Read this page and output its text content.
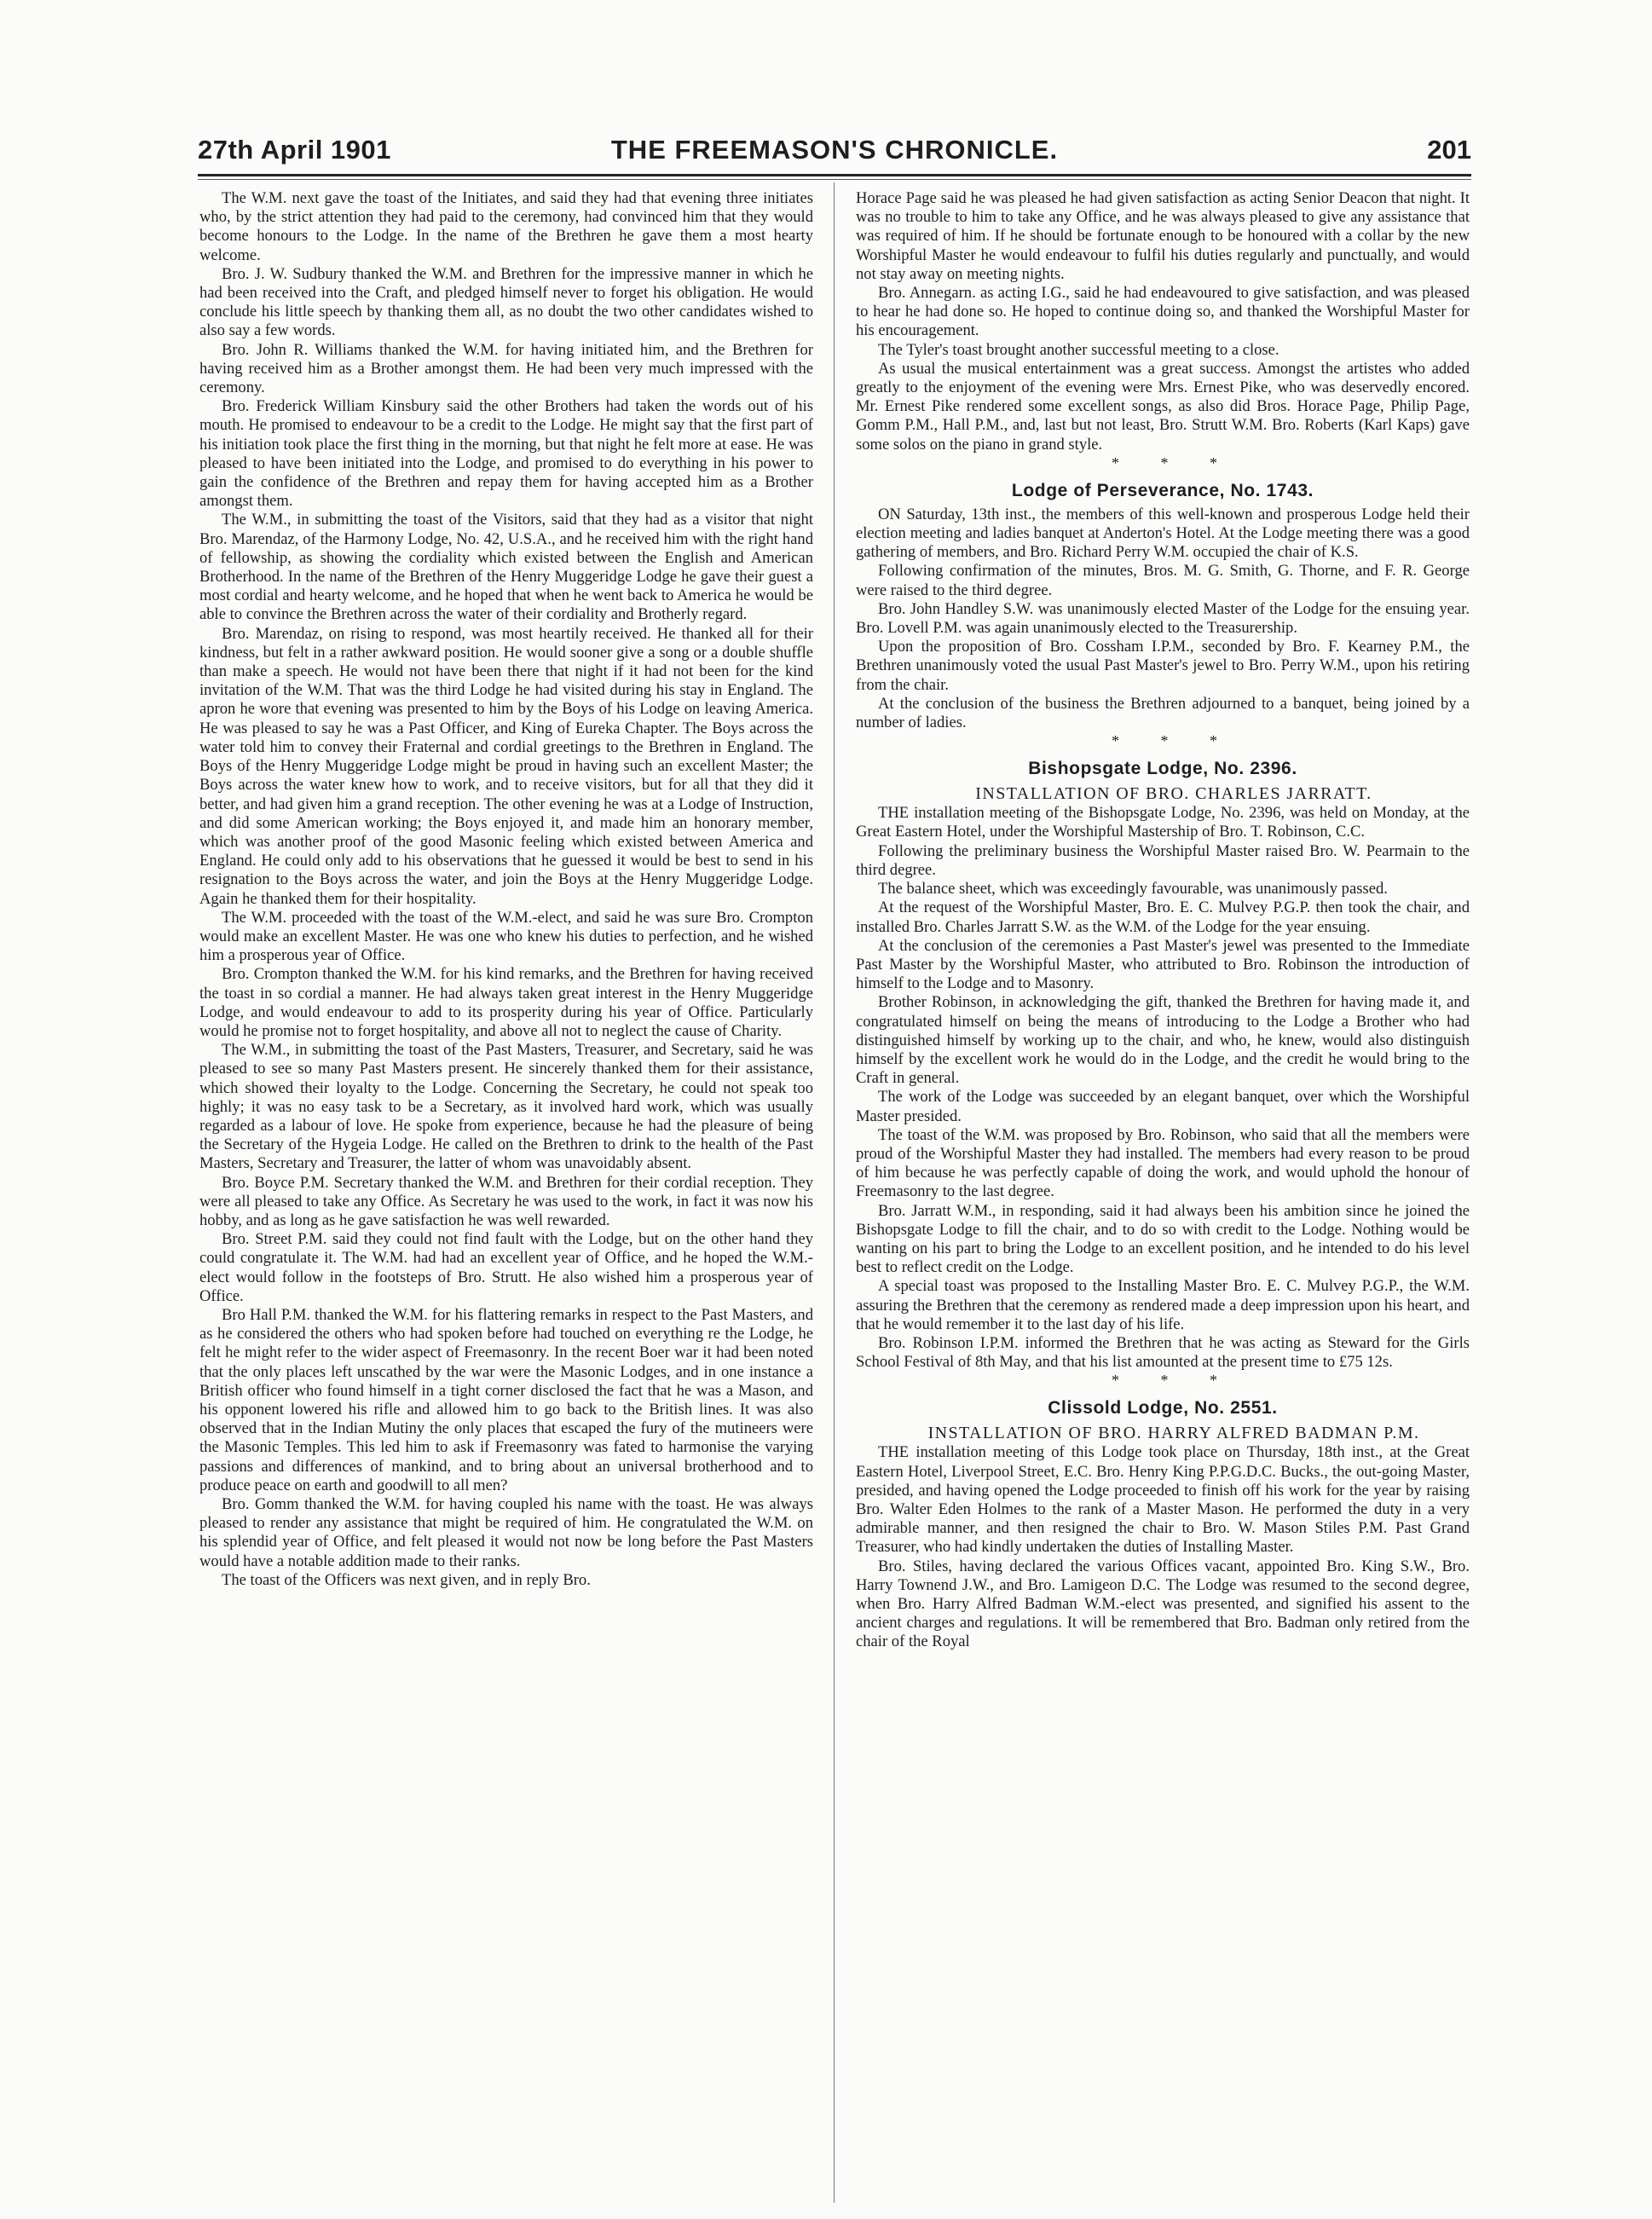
27th April 1901	THE FREEMASON'S CHRONICLE.	201

The W.M. next gave the toast of the Initiates, and said they had that evening three initiates who, by the strict attention they had paid to the ceremony, had convinced him that they would become honours to the Lodge. In the name of the Brethren he gave them a most hearty welcome.

Bro. J. W. Sudbury thanked the W.M. and Brethren for the impressive manner in which he had been received into the Craft, and pledged himself never to forget his obligation. He would conclude his little speech by thanking them all, as no doubt the two other candidates wished to also say a few words.

Bro. John R. Williams thanked the W.M. for having initiated him, and the Brethren for having received him as a Brother amongst them. He had been very much impressed with the ceremony.

Bro. Frederick William Kinsbury said the other Brothers had taken the words out of his mouth. He promised to endeavour to be a credit to the Lodge. He might say that the first part of his initiation took place the first thing in the morning, but that night he felt more at ease. He was pleased to have been initiated into the Lodge, and promised to do everything in his power to gain the confidence of the Brethren and repay them for having accepted him as a Brother amongst them.

The W.M., in submitting the toast of the Visitors, said that they had as a visitor that night Bro. Marendaz, of the Harmony Lodge, No. 42, U.S.A., and he received him with the right hand of fellowship, as showing the cordiality which existed between the English and American Brotherhood. In the name of the Brethren of the Henry Muggeridge Lodge he gave their guest a most cordial and hearty welcome, and he hoped that when he went back to America he would be able to convince the Brethren across the water of their cordiality and Brotherly regard.

Bro. Marendaz, on rising to respond, was most heartily received. He thanked all for their kindness, but felt in a rather awkward position. He would sooner give a song or a double shuffle than make a speech. He would not have been there that night if it had not been for the kind invitation of the W.M. That was the third Lodge he had visited during his stay in England. The apron he wore that evening was presented to him by the Boys of his Lodge on leaving America. He was pleased to say he was a Past Officer, and King of Eureka Chapter. The Boys across the water told him to convey their Fraternal and cordial greetings to the Brethren in England. The Boys of the Henry Muggeridge Lodge might be proud in having such an excellent Master; the Boys across the water knew how to work, and to receive visitors, but for all that they did it better, and had given him a grand reception. The other evening he was at a Lodge of Instruction, and did some American working; the Boys enjoyed it, and made him an honorary member, which was another proof of the good Masonic feeling which existed between America and England. He could only add to his observations that he guessed it would be best to send in his resignation to the Boys across the water, and join the Boys at the Henry Muggeridge Lodge. Again he thanked them for their hospitality.

The W.M. proceeded with the toast of the W.M.-elect, and said he was sure Bro. Crompton would make an excellent Master. He was one who knew his duties to perfection, and he wished him a prosperous year of Office.

Bro. Crompton thanked the W.M. for his kind remarks, and the Brethren for having received the toast in so cordial a manner. He had always taken great interest in the Henry Muggeridge Lodge, and would endeavour to add to its prosperity during his year of Office. Particularly would he promise not to forget hospitality, and above all not to neglect the cause of Charity.

The W.M., in submitting the toast of the Past Masters, Treasurer, and Secretary, said he was pleased to see so many Past Masters present. He sincerely thanked them for their assistance, which showed their loyalty to the Lodge. Concerning the Secretary, he could not speak too highly; it was no easy task to be a Secretary, as it involved hard work, which was usually regarded as a labour of love. He spoke from experience, because he had the pleasure of being the Secretary of the Hygeia Lodge. He called on the Brethren to drink to the health of the Past Masters, Secretary and Treasurer, the latter of whom was unavoidably absent.

Bro. Boyce P.M. Secretary thanked the W.M. and Brethren for their cordial reception. They were all pleased to take any Office. As Secretary he was used to the work, in fact it was now his hobby, and as long as he gave satisfaction he was well rewarded.

Bro. Street P.M. said they could not find fault with the Lodge, but on the other hand they could congratulate it. The W.M. had had an excellent year of Office, and he hoped the W.M.-elect would follow in the footsteps of Bro. Strutt. He also wished him a prosperous year of Office.

Bro Hall P.M. thanked the W.M. for his flattering remarks in respect to the Past Masters, and as he considered the others who had spoken before had touched on everything re the Lodge, he felt he might refer to the wider aspect of Freemasonry. In the recent Boer war it had been noted that the only places left unscathed by the war were the Masonic Lodges, and in one instance a British officer who found himself in a tight corner disclosed the fact that he was a Mason, and his opponent lowered his rifle and allowed him to go back to the British lines. It was also observed that in the Indian Mutiny the only places that escaped the fury of the mutineers were the Masonic Temples. This led him to ask if Freemasonry was fated to harmonise the varying passions and differences of mankind, and to bring about an universal brotherhood and to produce peace on earth and goodwill to all men?

Bro. Gomm thanked the W.M. for having coupled his name with the toast. He was always pleased to render any assistance that might be required of him. He congratulated the W.M. on his splendid year of Office, and felt pleased it would not now be long before the Past Masters would have a notable addition made to their ranks.

The toast of the Officers was next given, and in reply Bro.

Horace Page said he was pleased he had given satisfaction as acting Senior Deacon that night. It was no trouble to him to take any Office, and he was always pleased to give any assistance that was required of him. If he should be fortunate enough to be honoured with a collar by the new Worshipful Master he would endeavour to fulfil his duties regularly and punctually, and would not stay away on meeting nights.

Bro. Annegarn. as acting I.G., said he had endeavoured to give satisfaction, and was pleased to hear he had done so. He hoped to continue doing so, and thanked the Worshipful Master for his encouragement.

The Tyler's toast brought another successful meeting to a close.

As usual the musical entertainment was a great success. Amongst the artistes who added greatly to the enjoyment of the evening were Mrs. Ernest Pike, who was deservedly encored. Mr. Ernest Pike rendered some excellent songs, as also did Bros. Horace Page, Philip Page, Gomm P.M., Hall P.M., and, last but not least, Bro. Strutt W.M. Bro. Roberts (Karl Kaps) gave some solos on the piano in grand style.

* * *

Lodge of Perseverance, No. 1743.

ON Saturday, 13th inst., the members of this well-known and prosperous Lodge held their election meeting and ladies banquet at Anderton's Hotel. At the Lodge meeting there was a good gathering of members, and Bro. Richard Perry W.M. occupied the chair of K.S.

Following confirmation of the minutes, Bros. M. G. Smith, G. Thorne, and F. R. George were raised to the third degree.

Bro. John Handley S.W. was unanimously elected Master of the Lodge for the ensuing year. Bro. Lovell P.M. was again unanimously elected to the Treasurership.

Upon the proposition of Bro. Cossham I.P.M., seconded by Bro. F. Kearney P.M., the Brethren unanimously voted the usual Past Master's jewel to Bro. Perry W.M., upon his retiring from the chair.

At the conclusion of the business the Brethren adjourned to a banquet, being joined by a number of ladies.

* * *

Bishopsgate Lodge, No. 2396.

INSTALLATION OF BRO. CHARLES JARRATT.

THE installation meeting of the Bishopsgate Lodge, No. 2396, was held on Monday, at the Great Eastern Hotel, under the Worshipful Mastership of Bro. T. Robinson, C.C.

Following the preliminary business the Worshipful Master raised Bro. W. Pearmain to the third degree.

The balance sheet, which was exceedingly favourable, was unanimously passed.

At the request of the Worshipful Master, Bro. E. C. Mulvey P.G.P. then took the chair, and installed Bro. Charles Jarratt S.W. as the W.M. of the Lodge for the year ensuing.

At the conclusion of the ceremonies a Past Master's jewel was presented to the Immediate Past Master by the Worshipful Master, who attributed to Bro. Robinson the introduction of himself to the Lodge and to Masonry.

Brother Robinson, in acknowledging the gift, thanked the Brethren for having made it, and congratulated himself on being the means of introducing to the Lodge a Brother who had distinguished himself by working up to the chair, and who, he knew, would also distinguish himself by the excellent work he would do in the Lodge, and the credit he would bring to the Craft in general.

The work of the Lodge was succeeded by an elegant banquet, over which the Worshipful Master presided.

The toast of the W.M. was proposed by Bro. Robinson, who said that all the members were proud of the Worshipful Master they had installed. The members had every reason to be proud of him because he was perfectly capable of doing the work, and would uphold the honour of Freemasonry to the last degree.

Bro. Jarratt W.M., in responding, said it had always been his ambition since he joined the Bishopsgate Lodge to fill the chair, and to do so with credit to the Lodge. Nothing would be wanting on his part to bring the Lodge to an excellent position, and he intended to do his level best to reflect credit on the Lodge.

A special toast was proposed to the Installing Master Bro. E. C. Mulvey P.G.P., the W.M. assuring the Brethren that the ceremony as rendered made a deep impression upon his heart, and that he would remember it to the last day of his life.

Bro. Robinson I.P.M. informed the Brethren that he was acting as Steward for the Girls School Festival of 8th May, and that his list amounted at the present time to £75 12s.

* * *

Clissold Lodge, No. 2551.

INSTALLATION OF BRO. HARRY ALFRED BADMAN P.M.

THE installation meeting of this Lodge took place on Thursday, 18th inst., at the Great Eastern Hotel, Liverpool Street, E.C. Bro. Henry King P.P.G.D.C. Bucks., the out-going Master, presided, and having opened the Lodge proceeded to finish off his work for the year by raising Bro. Walter Eden Holmes to the rank of a Master Mason. He performed the duty in a very admirable manner, and then resigned the chair to Bro. W. Mason Stiles P.M. Past Grand Treasurer, who had kindly undertaken the duties of Installing Master.

Bro. Stiles, having declared the various Offices vacant, appointed Bro. King S.W., Bro. Harry Townend J.W., and Bro. Lamigeon D.C. The Lodge was resumed to the second degree, when Bro. Harry Alfred Badman W.M.-elect was presented, and signified his assent to the ancient charges and regulations. It will be remembered that Bro. Badman only retired from the chair of the Royal
